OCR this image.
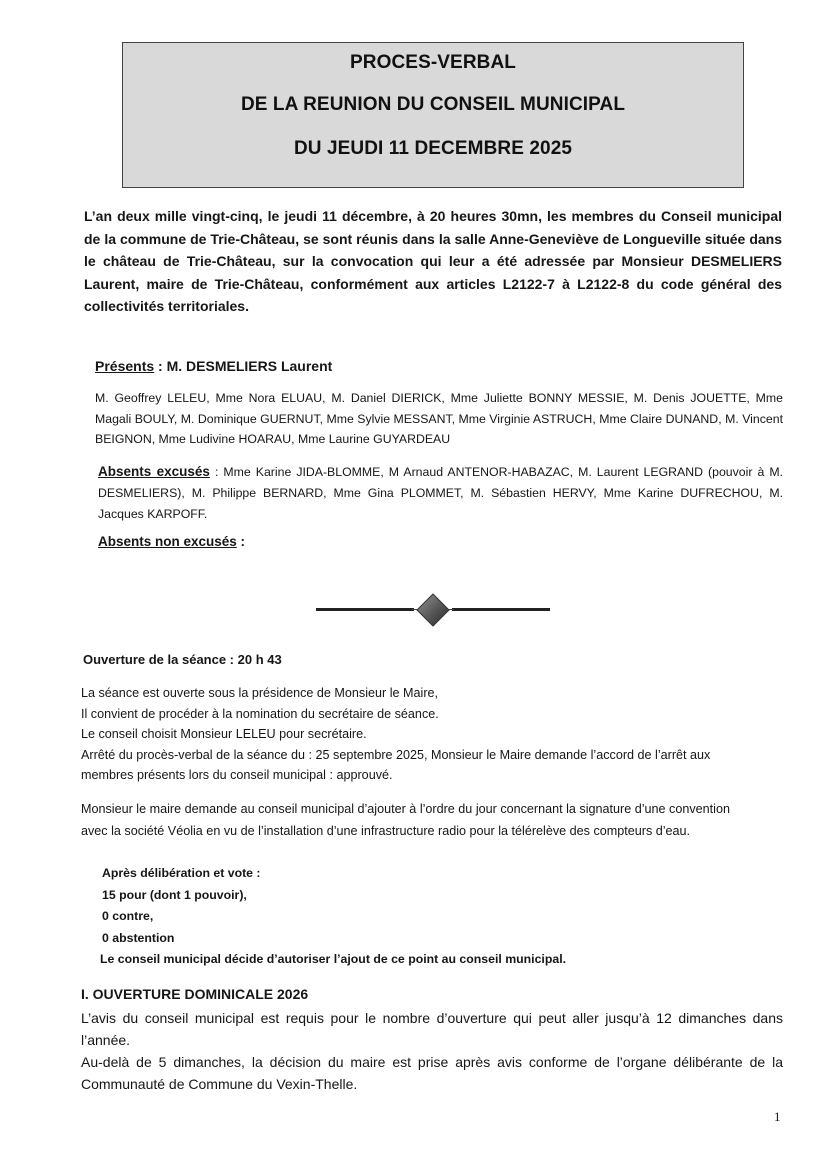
PROCES-VERBAL
DE LA REUNION DU CONSEIL MUNICIPAL
DU JEUDI 11 DECEMBRE 2025
L’an deux mille vingt-cinq, le jeudi 11 décembre, à 20 heures 30mn, les membres du Conseil municipal de la commune de Trie-Château, se sont réunis dans la salle Anne-Geneviève de Longueville située dans le château de Trie-Château, sur la convocation qui leur a été adressée par Monsieur DESMELIERS Laurent, maire de Trie-Château, conformément aux articles L2122-7 à L2122-8 du code général des collectivités territoriales.
Présents : M. DESMELIERS Laurent
M. Geoffrey LELEU, Mme Nora ELUAU, M. Daniel DIERICK, Mme Juliette BONNY MESSIE, M. Denis JOUETTE, Mme Magali BOULY, M. Dominique GUERNUT, Mme Sylvie MESSANT, Mme Virginie ASTRUCH, Mme Claire DUNAND, M. Vincent BEIGNON, Mme Ludivine HOARAU, Mme Laurine GUYARDEAU
Absents excusés : Mme Karine JIDA-BLOMME, M Arnaud ANTENOR-HABAZAC, M. Laurent LEGRAND (pouvoir à M. DESMELIERS), M. Philippe BERNARD, Mme Gina PLOMMET, M. Sébastien HERVY, Mme Karine DUFRECHOU, M. Jacques KARPOFF.
Absents non excusés :
Ouverture de la séance : 20 h 43

La séance est ouverte sous la présidence de Monsieur le Maire,

Il convient de procéder à la nomination du secrétaire de séance.

Le conseil choisit Monsieur LELEU pour secrétaire.

Arrêté du procès-verbal de la séance du : 25 septembre 2025, Monsieur le Maire demande l’accord de l’arrêt aux membres présents lors du conseil municipal : approuvé.

Monsieur le maire demande au conseil municipal d’ajouter à l’ordre du jour concernant la signature d’une convention avec la société Véolia en vu de l’installation d’une infrastructure radio pour la télérelève des compteurs d’eau.

Après délibération et vote :

15 pour (dont 1 pouvoir),

0 contre,

0 abstention

Le conseil municipal décide d’autoriser l’ajout de ce point au conseil municipal.

I. OUVERTURE DOMINICALE 2026

L’avis du conseil municipal est requis pour le nombre d’ouverture qui peut aller jusqu’à 12 dimanches dans l’année.

Au-delà de 5 dimanches, la décision du maire est prise après avis conforme de l’organe délibérante de la Communauté de Commune du Vexin-Thelle.

1
